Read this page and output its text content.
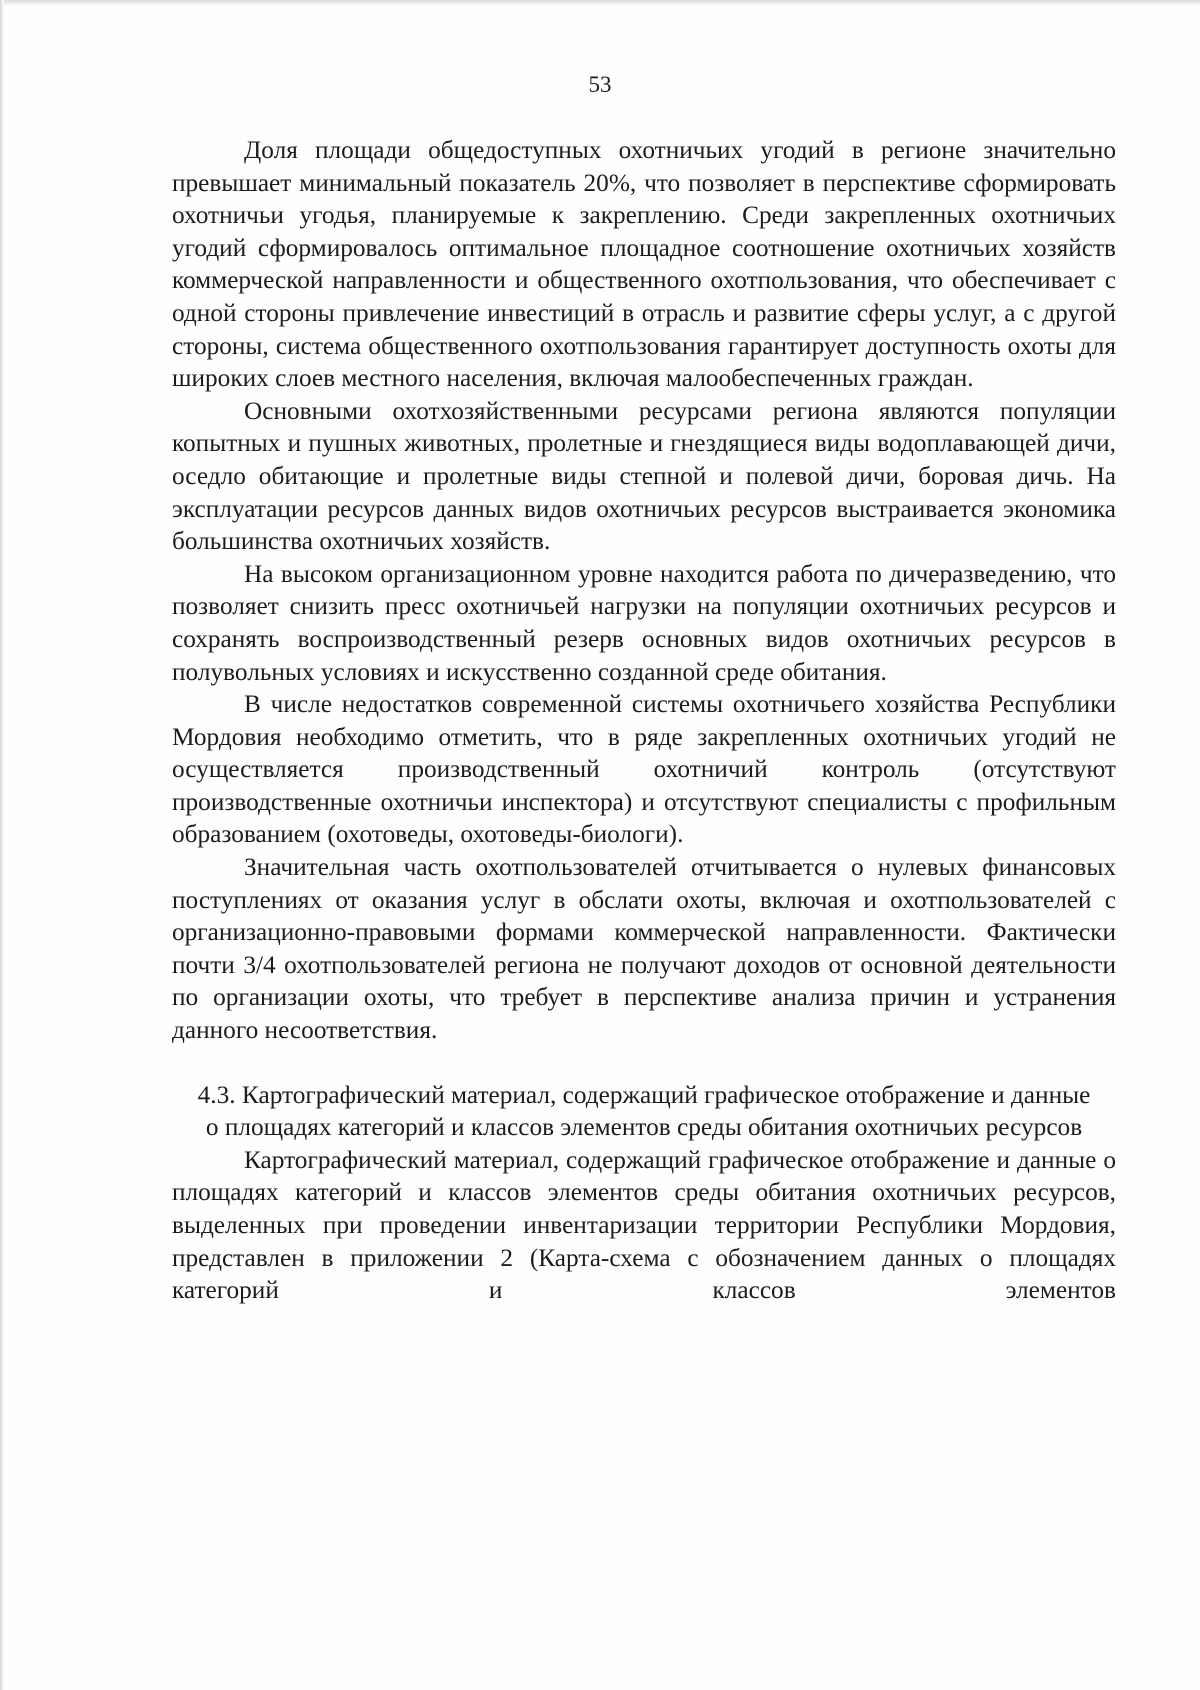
53

Доля площади общедоступных охотничьих угодий в регионе значительно превышает минимальный показатель 20%, что позволяет в перспективе сформировать охотничьи угодья, планируемые к закреплению. Среди закрепленных охотничьих угодий сформировалось оптимальное площадное соотношение охотничьих хозяйств коммерческой направленности и общественного охотпользования, что обеспечивает с одной стороны привлечение инвестиций в отрасль и развитие сферы услуг, а с другой стороны, система общественного охотпользования гарантирует доступность охоты для широких слоев местного населения, включая малообеспеченных граждан.

Основными охотхозяйственными ресурсами региона являются популяции копытных и пушных животных, пролетные и гнездящиеся виды водоплавающей дичи, оседло обитающие и пролетные виды степной и полевой дичи, боровая дичь. На эксплуатации ресурсов данных видов охотничьих ресурсов выстраивается экономика большинства охотничьих хозяйств.

На высоком организационном уровне находится работа по дичеразведению, что позволяет снизить пресс охотничьей нагрузки на популяции охотничьих ресурсов и сохранять воспроизводственный резерв основных видов охотничьих ресурсов в полувольных условиях и искусственно созданной среде обитания.

В числе недостатков современной системы охотничьего хозяйства Республики Мордовия необходимо отметить, что в ряде закрепленных охотничьих угодий не осуществляется производственный охотничий контроль (отсутствуют производственные охотничьи инспектора) и отсутствуют специалисты с профильным образованием (охотоведы, охотоведы-биологи).

Значительная часть охотпользователей отчитывается о нулевых финансовых поступлениях от оказания услуг в обслати охоты, включая и охотпользователей с организационно-правовыми формами коммерческой направленности. Фактически почти 3/4 охотпользователей региона не получают доходов от основной деятельности по организации охоты, что требует в перспективе анализа причин и устранения данного несоответствия.

4.3. Картографический материал, содержащий графическое отображение и данные о площадях категорий и классов элементов среды обитания охотничьих ресурсов

Картографический материал, содержащий графическое отображение и данные о площадях категорий и классов элементов среды обитания охотничьих ресурсов, выделенных при проведении инвентаризации территории Республики Мордовия, представлен в приложении 2 (Карта-схема с обозначением данных о площадях категорий и классов элементов
